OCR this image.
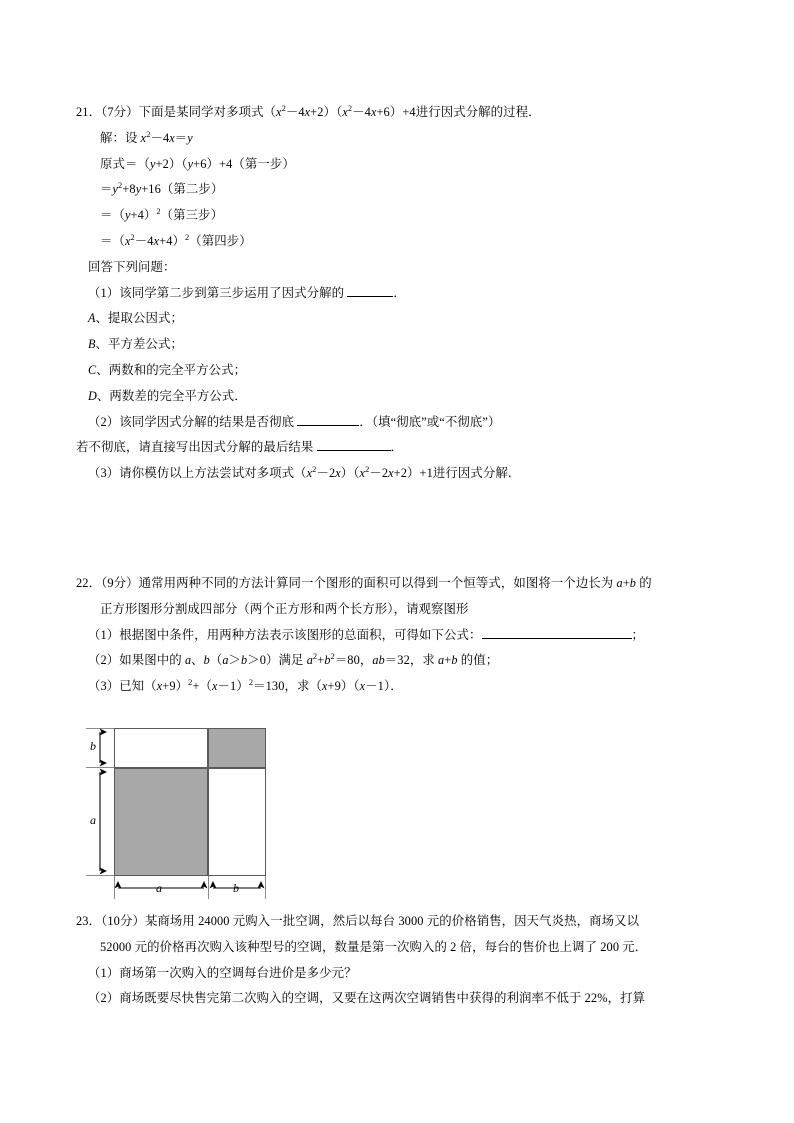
21．（7分）下面是某同学对多项式$(x^2-4x+2)(x^2-4x+6)+4$进行因式分解的过程．
解：设 $x^2-4x=y$
原式＝（y+2）（y+6）+4（第一步）
$=y^2+8y+16$（第二步）
$=(y+4)^2$（第三步）
$=(x^2-4x+4)^2$（第四步）
回答下列问题：
（1）该同学第二步到第三步运用了因式分解的	．
A、提取公因式；
B、平方差公式；
C、两数和的完全平方公式；
D、两数差的完全平方公式．
（2）该同学因式分解的结果是否彻底	．（填“彻底”或“不彻底”）
若不彻底，请直接写出因式分解的最后结果	．
（3）请你模仿以上方法尝试对多项式$(x^2-2x)(x^2-2x+2)+1$进行因式分解．
22．（9分）通常用两种不同的方法计算同一个图形的面积可以得到一个恒等式，如图将一个边长为 a+b 的
正方形图形分割成四部分（两个正方形和两个长方形），请观察图形
（1）根据图中条件，用两种方法表示该图形的总面积，可得如下公式：	；
（2）如果图中的 a、b（a＞b＞0）满足 $a^2+b^2=80$，ab＝32，求 a+b 的值；
（3）已知$(x+9)^2+(x-1)^2=130$，求（x+9）（x－1）．
b
a
a	b
23．（10分）某商场用 24000 元购入一批空调，然后以每台 3000 元的价格销售，因天气炎热，商场又以
52000 元的价格再次购入该种型号的空调，数量是第一次购入的 2 倍，每台的售价也上调了 200 元．
（1）商场第一次购入的空调每台进价是多少元？
（2）商场既要尽快售完第二次购入的空调，又要在这两次空调销售中获得的利润率不低于 22%，打算
